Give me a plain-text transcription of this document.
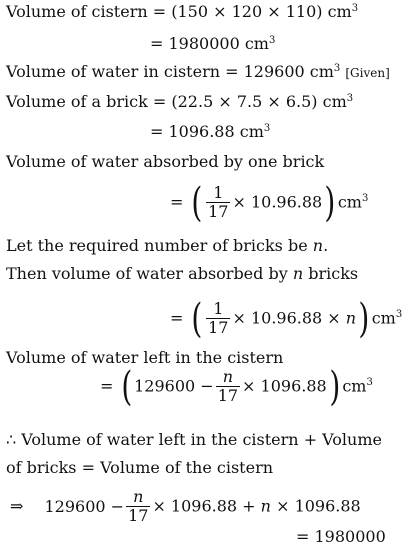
Volume of cistern = (150 × 120 × 110) $cm^3$
= 1980000 $cm^3$
Volume of water in cistern = 129600 $cm^3$ [Given]
Volume of a brick = (22.5 × 7.5 × 6.5) $cm^3$
= 1096.88 $cm^3$
Volume of water absorbed by one brick
= ( $\frac{1}{17} \times 10.96.88$) $cm^3$
Let the required number of bricks be n.
Then volume of water absorbed by n bricks
= ( $\frac{1}{17} \times 10.96.88 \times n$) $cm^3$
Volume of water left in the cistern
= ( $129600 - \frac{n}{17} \times 1096.88$) $cm^3$
∴ Volume of water left in the cistern + Volume
of bricks = Volume of the cistern
⇒ $129600 - \frac{n}{17} \times 1096.88 + n \times 1096.88$
= 1980000
